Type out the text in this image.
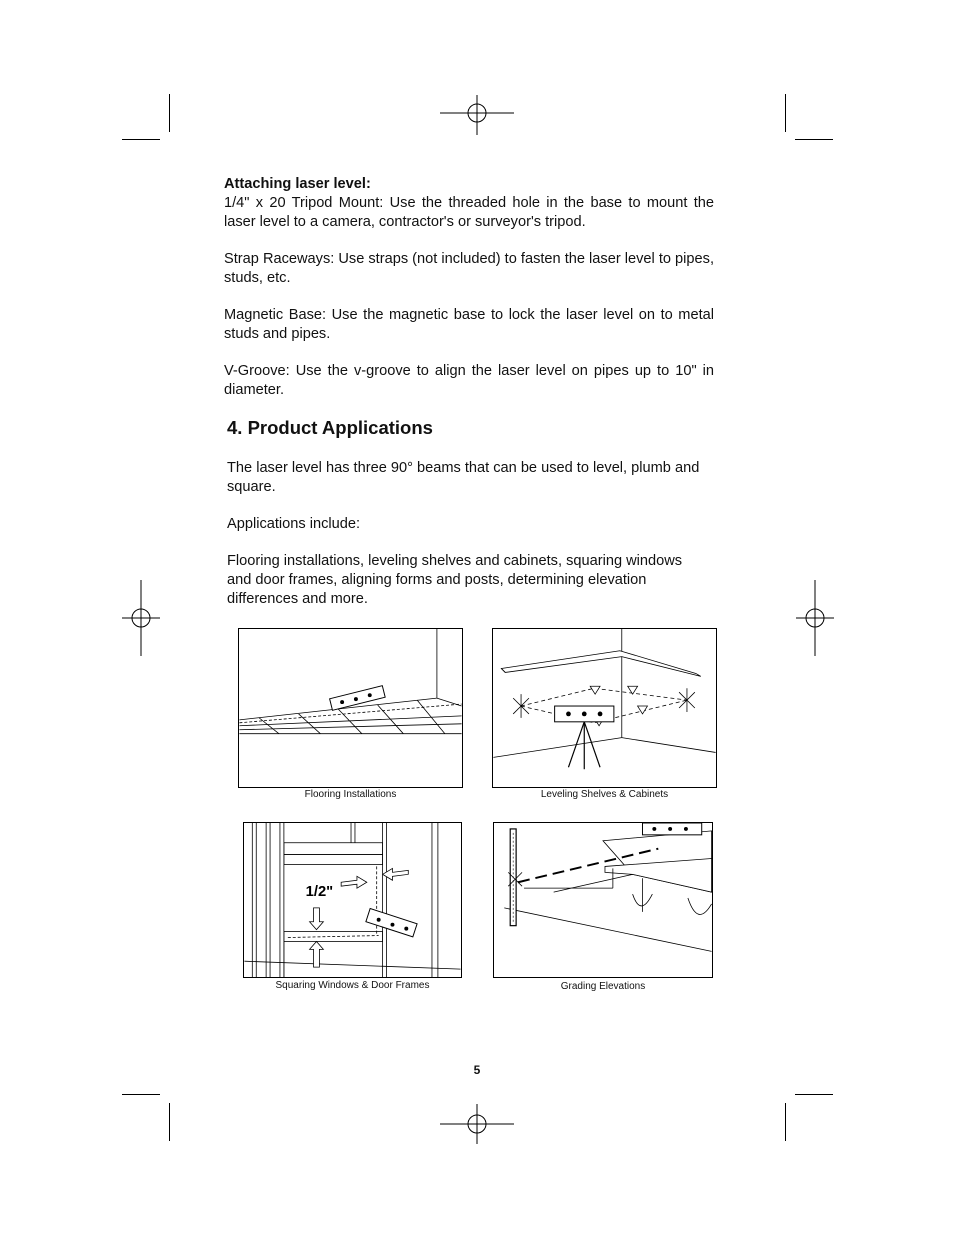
Attaching laser level:

1/4" x 20 Tripod Mount: Use the threaded hole in the base to mount the laser level to a camera, contractor's or surveyor's tripod.

Strap Raceways: Use straps (not included) to fasten the laser level to pipes, studs, etc.

Magnetic Base: Use the magnetic base to lock the laser level on to metal studs and pipes.

V-Groove: Use the v-groove to align the laser level on pipes up to 10" in diameter.

4. Product Applications

The laser level has three 90° beams that can be used to level, plumb and square.

Applications include:

Flooring installations, leveling shelves and cabinets, squaring windows and door frames, aligning forms and posts, determining elevation differences and more.

Flooring Installations	Leveling Shelves & Cabinets

1/2"

Squaring Windows & Door Frames	Grading Elevations

5
